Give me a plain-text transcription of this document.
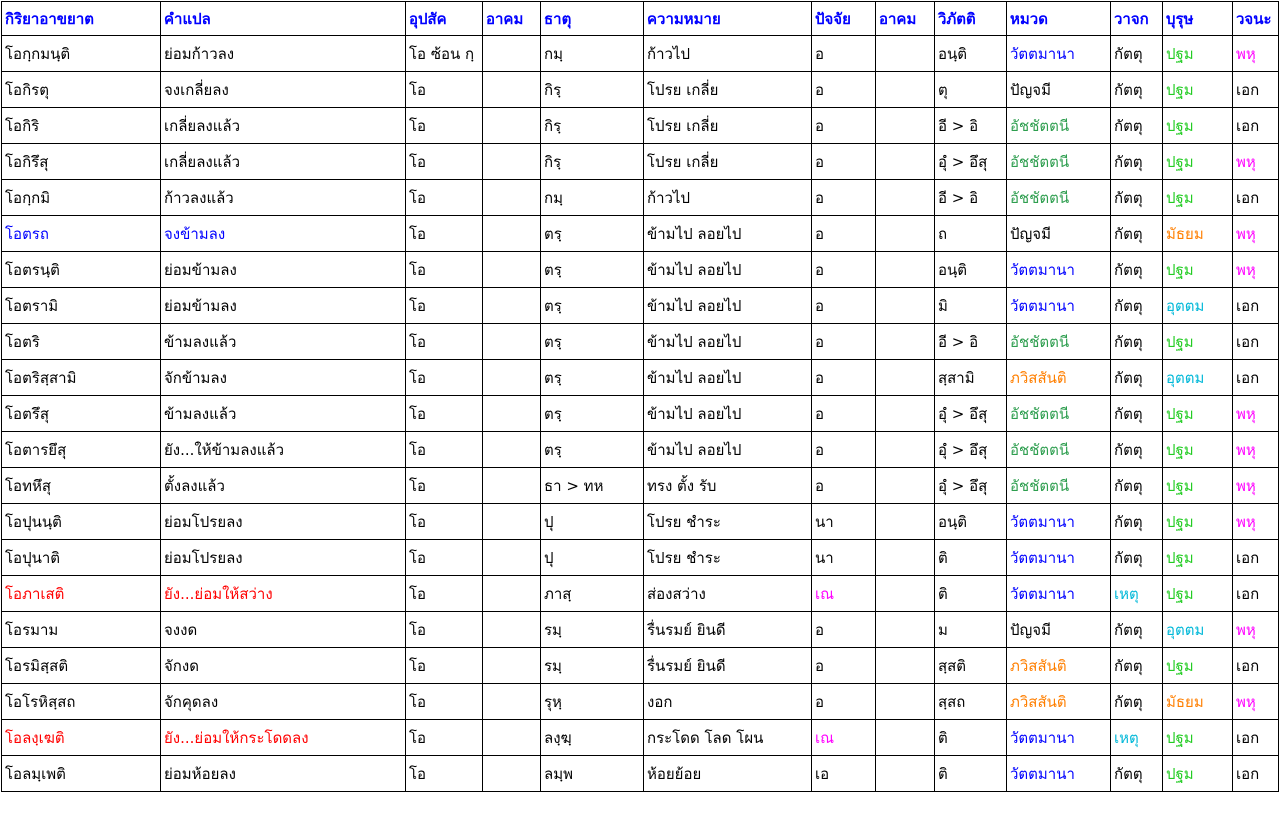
กิริยาอาขยาต	คำแปล	อุปสัค	อาคม	ธาตุ	ความหมาย	ปัจจัย	อาคม	วิภัตติ	หมวด	วาจก	บุรุษ	วจนะ
โอกฺกมนฺติ	ย่อมก้าวลง	โอ ซ้อน กฺ		กมฺ	ก้าวไป	อ		อนฺติ	วัตตมานา	กัตตุ	ปฐม	พหุ
โอกิรตุ	จงเกลี่ยลง	โอ		กิรฺ	โปรย เกลี่ย	อ		ตุ	ปัญจมี	กัตตุ	ปฐม	เอก
โอกิริ	เกลี่ยลงแล้ว	โอ		กิรฺ	โปรย เกลี่ย	อ		อี > อิ	อัชชัตตนี	กัตตุ	ปฐม	เอก
โอกิรึสุ	เกลี่ยลงแล้ว	โอ		กิรฺ	โปรย เกลี่ย	อ		อุํ > อึสุ	อัชชัตตนี	กัตตุ	ปฐม	พหุ
โอกฺกมิ	ก้าวลงแล้ว	โอ		กมฺ	ก้าวไป	อ		อี > อิ	อัชชัตตนี	กัตตุ	ปฐม	เอก
โอตรถ	จงข้ามลง	โอ		ตรฺ	ข้ามไป ลอยไป	อ		ถ	ปัญจมี	กัตตุ	มัธยม	พหุ
โอตรนฺติ	ย่อมข้ามลง	โอ		ตรฺ	ข้ามไป ลอยไป	อ		อนฺติ	วัตตมานา	กัตตุ	ปฐม	พหุ
โอตรามิ	ย่อมข้ามลง	โอ		ตรฺ	ข้ามไป ลอยไป	อ		มิ	วัตตมานา	กัตตุ	อุตตม	เอก
โอตริ	ข้ามลงแล้ว	โอ		ตรฺ	ข้ามไป ลอยไป	อ		อี > อิ	อัชชัตตนี	กัตตุ	ปฐม	เอก
โอตริสฺสามิ	จักข้ามลง	โอ		ตรฺ	ข้ามไป ลอยไป	อ		สฺสามิ	ภวิสสันติ	กัตตุ	อุตตม	เอก
โอตรึสุ	ข้ามลงแล้ว	โอ		ตรฺ	ข้ามไป ลอยไป	อ		อุํ > อึสุ	อัชชัตตนี	กัตตุ	ปฐม	พหุ
โอตารยึสุ	ยัง...ให้ข้ามลงแล้ว	โอ		ตรฺ	ข้ามไป ลอยไป	อ		อุํ > อึสุ	อัชชัตตนี	กัตตุ	ปฐม	พหุ
โอทหึสุ	ตั้งลงแล้ว	โอ		ธา > ทห	ทรง ตั้ง รับ	อ		อุํ > อึสุ	อัชชัตตนี	กัตตุ	ปฐม	พหุ
โอปุนนฺติ	ย่อมโปรยลง	โอ		ปุ	โปรย ชำระ	นา		อนฺติ	วัตตมานา	กัตตุ	ปฐม	พหุ
โอปุนาติ	ย่อมโปรยลง	โอ		ปุ	โปรย ชำระ	นา		ติ	วัตตมานา	กัตตุ	ปฐม	เอก
โอภาเสติ	ยัง...ย่อมให้สว่าง	โอ		ภาสฺ	ส่องสว่าง	เณ		ติ	วัตตมานา	เหตุ	ปฐม	เอก
โอรมาม	จงงด	โอ		รมฺ	รื่นรมย์ ยินดี	อ		ม	ปัญจมี	กัตตุ	อุตตม	พหุ
โอรมิสฺสติ	จักงด	โอ		รมฺ	รื่นรมย์ ยินดี	อ		สฺสติ	ภวิสสันติ	กัตตุ	ปฐม	เอก
โอโรหิสฺสถ	จักคุดลง	โอ		รุหฺ	งอก	อ		สฺสถ	ภวิสสันติ	กัตตุ	มัธยม	พหุ
โอลงฺเฆติ	ยัง...ย่อมให้กระโดดลง	โอ		ลงฺฆฺ	กระโดด โลด โผน	เณ		ติ	วัตตมานา	เหตุ	ปฐม	เอก
โอลมฺเพติ	ย่อมห้อยลง	โอ		ลมฺพ	ห้อยย้อย	เอ		ติ	วัตตมานา	กัตตุ	ปฐม	เอก
